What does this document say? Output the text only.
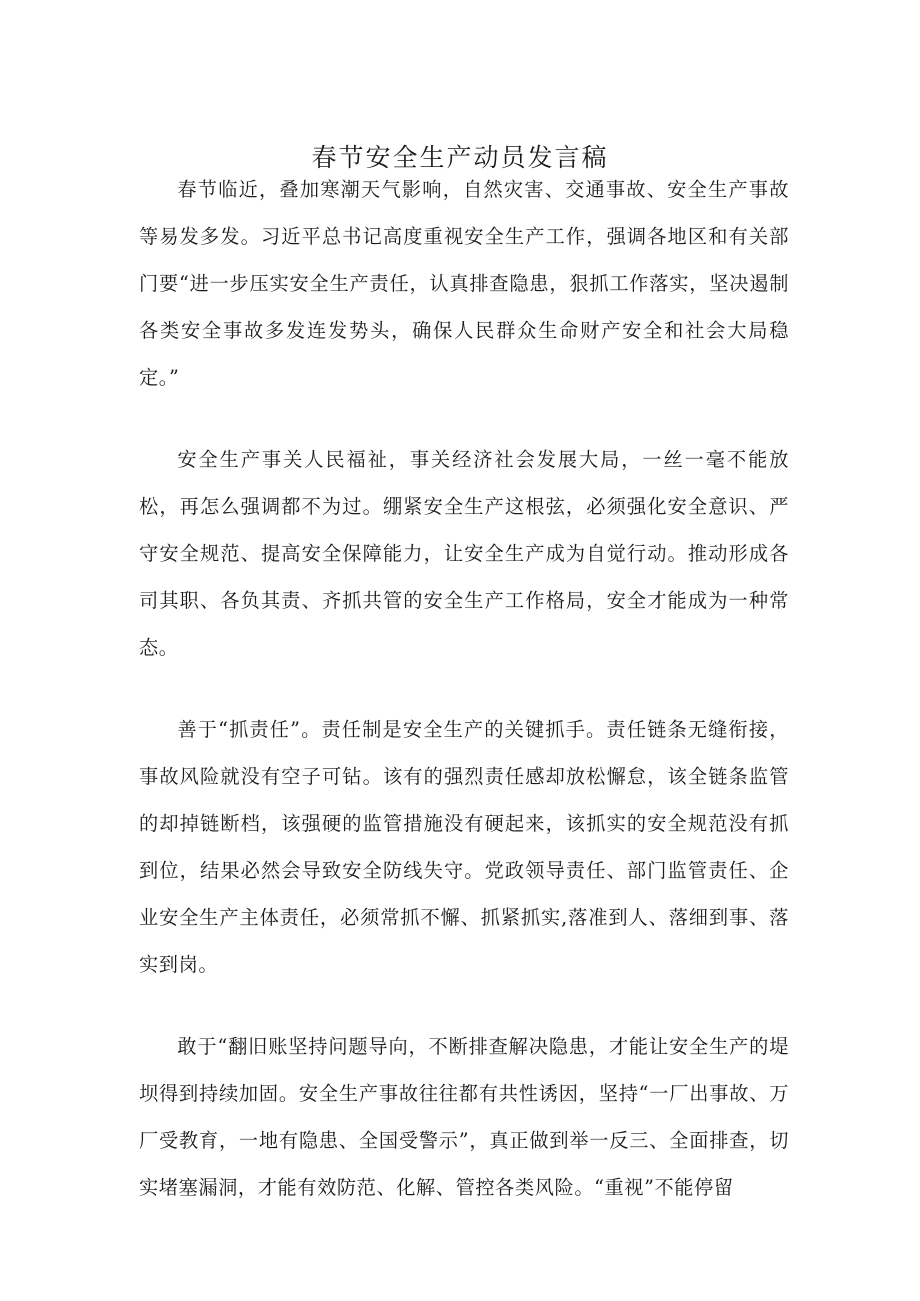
春节安全生产动员发言稿

春节临近，叠加寒潮天气影响，自然灾害、交通事故、安全生产事故等易发多发。习近平总书记高度重视安全生产工作，强调各地区和有关部门要“进一步压实安全生产责任，认真排查隐患，狠抓工作落实，坚决遏制各类安全事故多发连发势头，确保人民群众生命财产安全和社会大局稳定。”

安全生产事关人民福祉，事关经济社会发展大局，一丝一毫不能放松，再怎么强调都不为过。绷紧安全生产这根弦，必须强化安全意识、严守安全规范、提高安全保障能力，让安全生产成为自觉行动。推动形成各司其职、各负其责、齐抓共管的安全生产工作格局，安全才能成为一种常态。

善于“抓责任”。责任制是安全生产的关键抓手。责任链条无缝衔接，事故风险就没有空子可钻。该有的强烈责任感却放松懈怠，该全链条监管的却掉链断档，该强硬的监管措施没有硬起来，该抓实的安全规范没有抓到位，结果必然会导致安全防线失守。党政领导责任、部门监管责任、企业安全生产主体责任，必须常抓不懈、抓紧抓实,落准到人、落细到事、落实到岗。

敢于“翻旧账坚持问题导向，不断排查解决隐患，才能让安全生产的堤坝得到持续加固。安全生产事故往往都有共性诱因，坚持“一厂出事故、万厂受教育，一地有隐患、全国受警示”，真正做到举一反三、全面排查，切实堵塞漏洞，才能有效防范、化解、管控各类风险。“重视”不能停留
